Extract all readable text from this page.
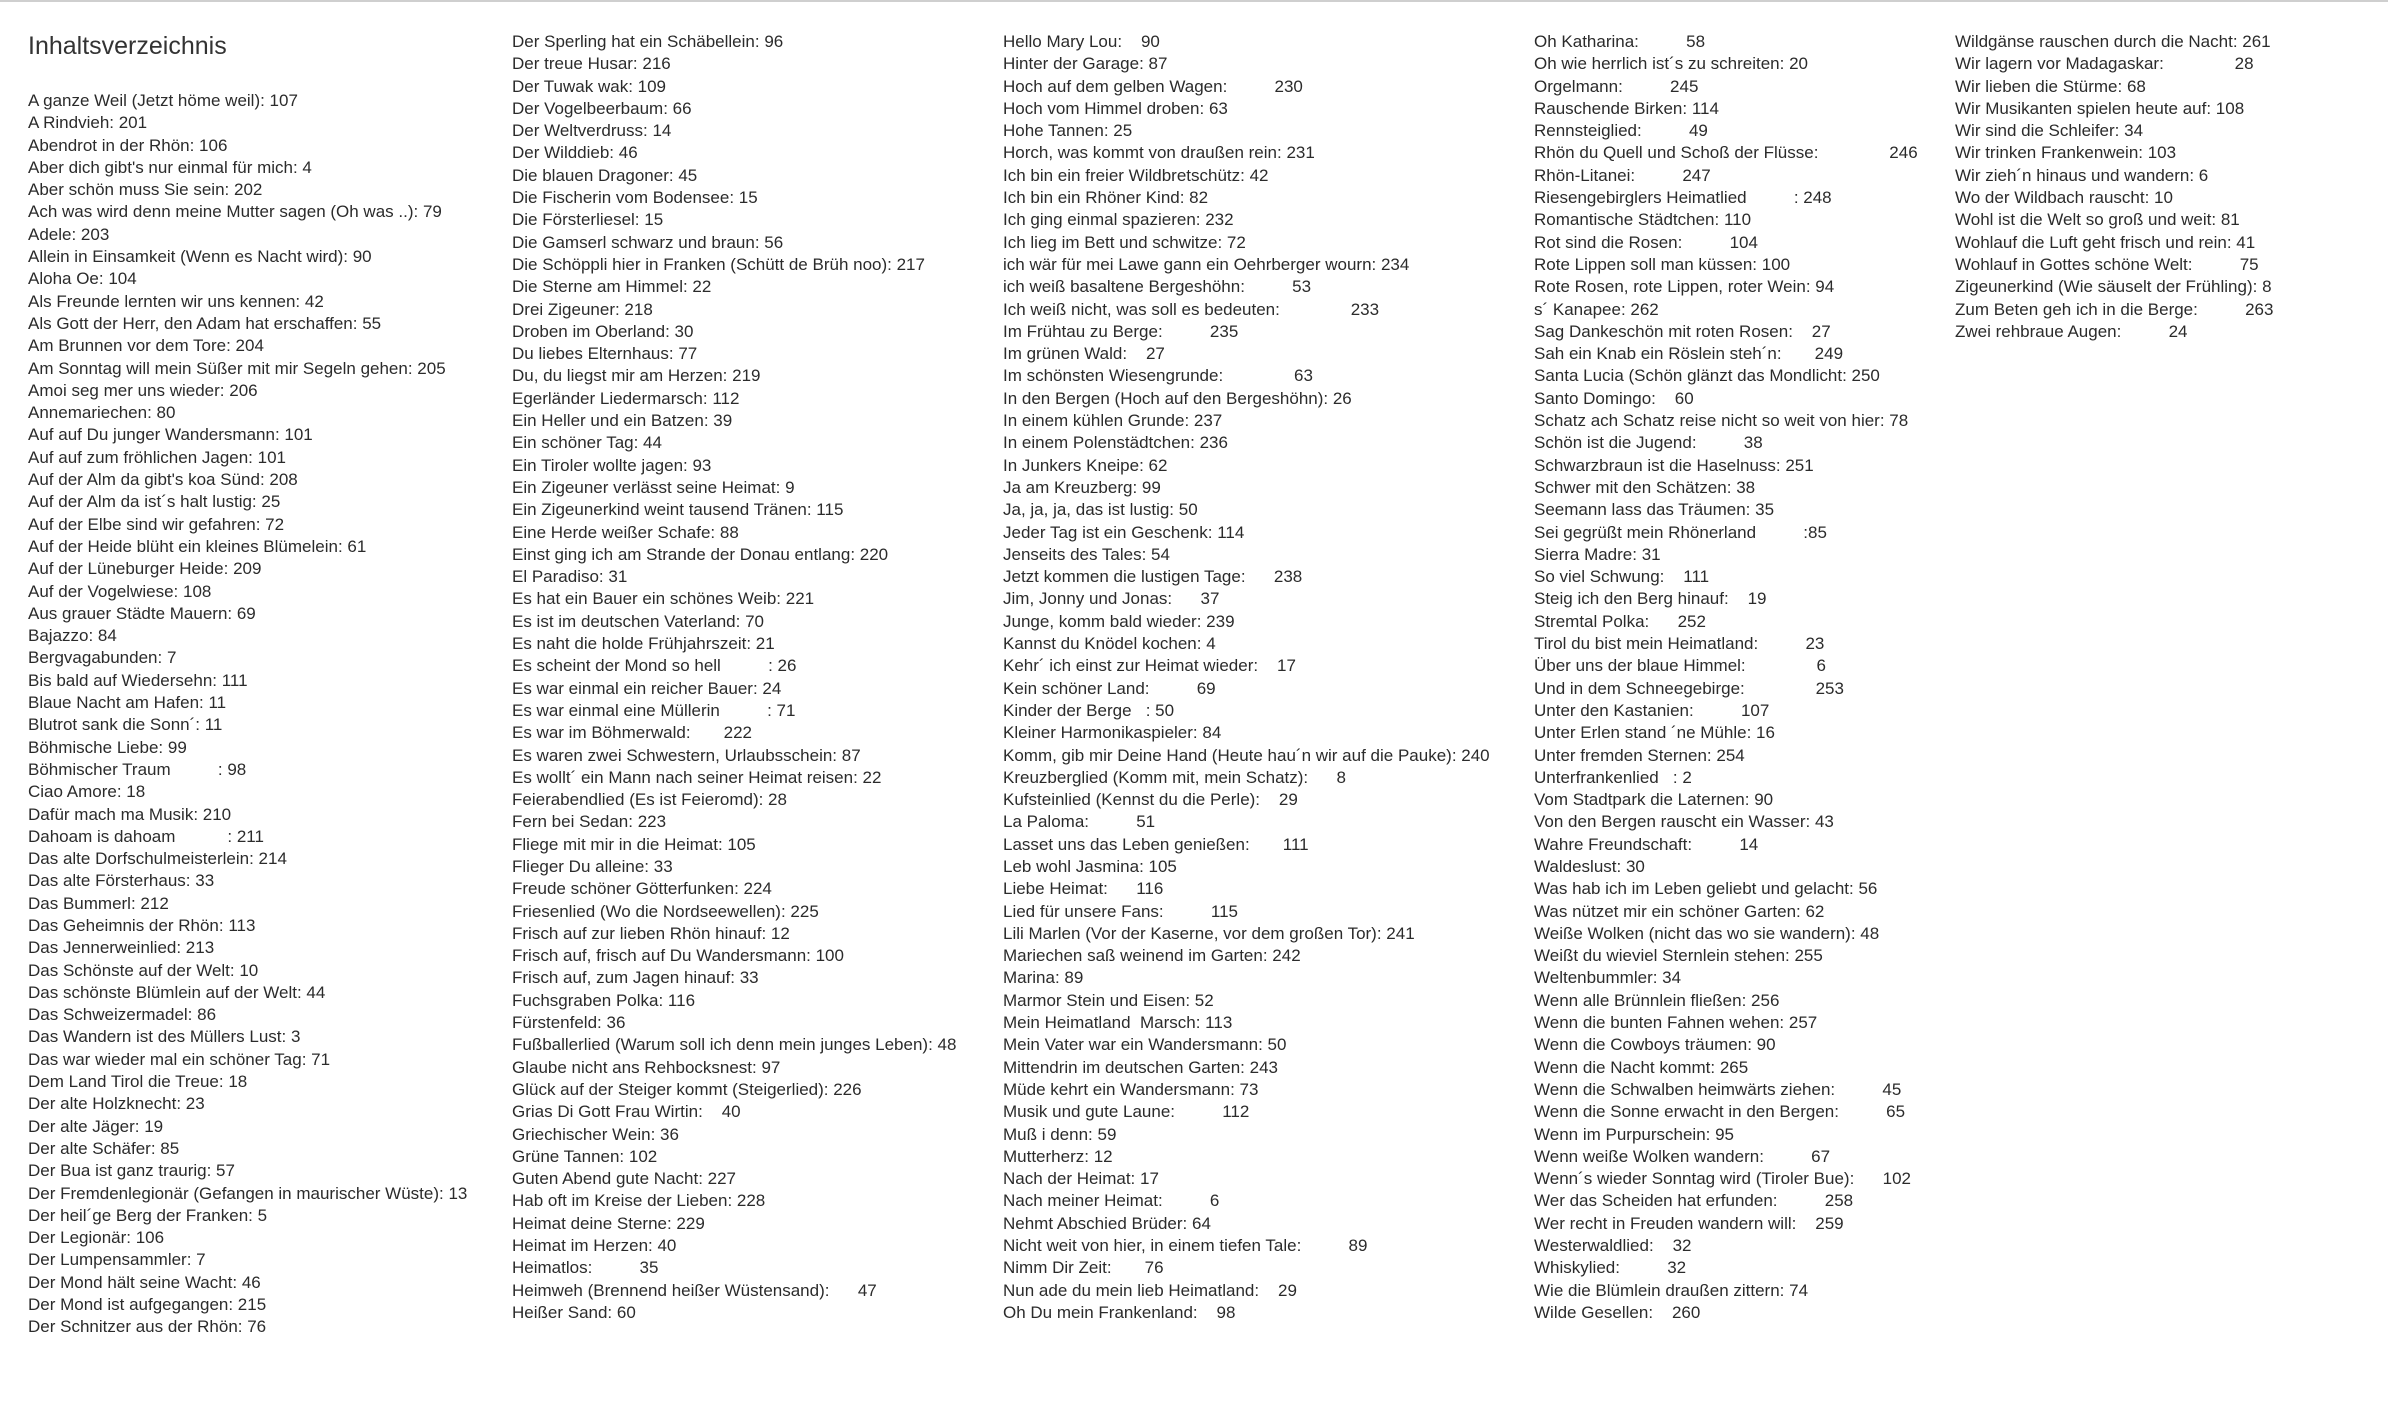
Inhaltsverzeichnis
A ganze Weil (Jetzt höme weil): 107
A Rindvieh: 201
Abendrot in der Rhön: 106
Aber dich gibt's nur einmal für mich: 4
Aber schön muss Sie sein: 202
Ach was wird denn meine Mutter sagen (Oh was ..): 79
Adele: 203
Allein in Einsamkeit (Wenn es Nacht wird): 90
Aloha Oe: 104
Als Freunde lernten wir uns kennen: 42
Als Gott der Herr, den Adam hat erschaffen: 55
Am Brunnen vor dem Tore: 204
Am Sonntag will mein Süßer mit mir Segeln gehen: 205
Amoi seg mer uns wieder: 206
Annemariechen: 80
Auf auf Du junger Wandersmann: 101
Auf auf zum fröhlichen Jagen: 101
Auf der Alm da gibt's koa Sünd: 208
Auf der Alm da ist´s halt lustig: 25
Auf der Elbe sind wir gefahren: 72
Auf der Heide blüht ein kleines Blümelein: 61
Auf der Lüneburger Heide: 209
Auf der Vogelwiese: 108
Aus grauer Städte Mauern: 69
Bajazzo: 84
Bergvagabunden: 7
Bis bald auf Wiedersehn: 111
Blaue Nacht am Hafen: 11
Blutrot sank die Sonn´: 11
Böhmische Liebe: 99
Böhmischer Traum          : 98
Ciao Amore: 18
Dafür mach ma Musik: 210
Dahoam is dahoam           : 211
Das alte Dorfschulmeisterlein: 214
Das alte Försterhaus: 33
Das Bummerl: 212
Das Geheimnis der Rhön: 113
Das Jennerweinlied: 213
Das Schönste auf der Welt: 10
Das schönste Blümlein auf der Welt: 44
Das Schweizermadel: 86
Das Wandern ist des Müllers Lust: 3
Das war wieder mal ein schöner Tag: 71
Dem Land Tirol die Treue: 18
Der alte Holzknecht: 23
Der alte Jäger: 19
Der alte Schäfer: 85
Der Bua ist ganz traurig: 57
Der Fremdenlegionär (Gefangen in maurischer Wüste): 13
Der heil´ge Berg der Franken: 5
Der Legionär: 106
Der Lumpensammler: 7
Der Mond hält seine Wacht: 46
Der Mond ist aufgegangen: 215
Der Schnitzer aus der Rhön: 76
Der Sperling hat ein Schäbellein: 96
Der treue Husar: 216
Der Tuwak wak: 109
Der Vogelbeerbaum: 66
Der Weltverdruss: 14
Der Wilddieb: 46
Die blauen Dragoner: 45
Die Fischerin vom Bodensee: 15
Die Försterliesel: 15
Die Gamserl schwarz und braun: 56
Die Schöppli hier in Franken (Schütt de Brüh noo): 217
Die Sterne am Himmel: 22
Drei Zigeuner: 218
Droben im Oberland: 30
Du liebes Elternhaus: 77
Du, du liegst mir am Herzen: 219
Egerländer Liedermarsch: 112
Ein Heller und ein Batzen: 39
Ein schöner Tag: 44
Ein Tiroler wollte jagen: 93
Ein Zigeuner verlässt seine Heimat: 9
Ein Zigeunerkind weint tausend Tränen: 115
Eine Herde weißer Schafe: 88
Einst ging ich am Strande der Donau entlang: 220
El Paradiso: 31
Es hat ein Bauer ein schönes Weib: 221
Es ist im deutschen Vaterland: 70
Es naht die holde Frühjahrszeit: 21
Es scheint der Mond so hell          : 26
Es war einmal ein reicher Bauer: 24
Es war einmal eine Müllerin          : 71
Es war im Böhmerwald:       222
Es waren zwei Schwestern, Urlaubsschein: 87
Es wollt´ ein Mann nach seiner Heimat reisen: 22
Feierabendlied (Es ist Feieromd): 28
Fern bei Sedan: 223
Fliege mit mir in die Heimat: 105
Flieger Du alleine: 33
Freude schöner Götterfunken: 224
Friesenlied (Wo die Nordseewellen): 225
Frisch auf zur lieben Rhön hinauf: 12
Frisch auf, frisch auf Du Wandersmann: 100
Frisch auf, zum Jagen hinauf: 33
Fuchsgraben Polka: 116
Fürstenfeld: 36
Fußballerlied (Warum soll ich denn mein junges Leben): 48
Glaube nicht ans Rehbocksnest: 97
Glück auf der Steiger kommt (Steigerlied): 226
Grias Di Gott Frau Wirtin:    40
Griechischer Wein: 36
Grüne Tannen: 102
Guten Abend gute Nacht: 227
Hab oft im Kreise der Lieben: 228
Heimat deine Sterne: 229
Heimat im Herzen: 40
Heimatlos:          35
Heimweh (Brennend heißer Wüstensand):      47
Heißer Sand: 60
Hello Mary Lou:    90
Hinter der Garage: 87
Hoch auf dem gelben Wagen:          230
Hoch vom Himmel droben: 63
Hohe Tannen: 25
Horch, was kommt von draußen rein: 231
Ich bin ein freier Wildbretschütz: 42
Ich bin ein Rhöner Kind: 82
Ich ging einmal spazieren: 232
Ich lieg im Bett und schwitze: 72
ich wär für mei Lawe gann ein Oehrberger wourn: 234
ich weiß basaltene Bergeshöhn:          53
Ich weiß nicht, was soll es bedeuten:               233
Im Frühtau zu Berge:          235
Im grünen Wald:    27
Im schönsten Wiesengrunde:               63
In den Bergen (Hoch auf den Bergeshöhn): 26
In einem kühlen Grunde: 237
In einem Polenstädtchen: 236
In Junkers Kneipe: 62
Ja am Kreuzberg: 99
Ja, ja, ja, das ist lustig: 50
Jeder Tag ist ein Geschenk: 114
Jenseits des Tales: 54
Jetzt kommen die lustigen Tage:      238
Jim, Jonny und Jonas:      37
Junge, komm bald wieder: 239
Kannst du Knödel kochen: 4
Kehr´ ich einst zur Heimat wieder:    17
Kein schöner Land:          69
Kinder der Berge   : 50
Kleiner Harmonikaspieler: 84
Komm, gib mir Deine Hand (Heute hau´n wir auf die Pauke): 240
Kreuzberglied (Komm mit, mein Schatz):      8
Kufsteinlied (Kennst du die Perle):    29
La Paloma:          51
Lasset uns das Leben genießen:       111
Leb wohl Jasmina: 105
Liebe Heimat:      116
Lied für unsere Fans:          115
Lili Marlen (Vor der Kaserne, vor dem großen Tor): 241
Mariechen saß weinend im Garten: 242
Marina: 89
Marmor Stein und Eisen: 52
Mein Heimatland  Marsch: 113
Mein Vater war ein Wandersmann: 50
Mittendrin im deutschen Garten: 243
Müde kehrt ein Wandersmann: 73
Musik und gute Laune:          112
Muß i denn: 59
Mutterherz: 12
Nach der Heimat: 17
Nach meiner Heimat:          6
Nehmt Abschied Brüder: 64
Nicht weit von hier, in einem tiefen Tale:          89
Nimm Dir Zeit:       76
Nun ade du mein lieb Heimatland:    29
Oh Du mein Frankenland:    98
Oh Katharina:          58
Oh wie herrlich ist´s zu schreiten: 20
Orgelmann:          245
Rauschende Birken: 114
Rennsteiglied:          49
Rhön du Quell und Schoß der Flüsse:               246
Rhön-Litanei:          247
Riesengebirglers Heimatlied          : 248
Romantische Städtchen: 110
Rot sind die Rosen:          104
Rote Lippen soll man küssen: 100
Rote Rosen, rote Lippen, roter Wein: 94
s´ Kanapee: 262
Sag Dankeschön mit roten Rosen:    27
Sah ein Knab ein Röslein steh´n:       249
Santa Lucia (Schön glänzt das Mondlicht: 250
Santo Domingo:    60
Schatz ach Schatz reise nicht so weit von hier: 78
Schön ist die Jugend:          38
Schwarzbraun ist die Haselnuss: 251
Schwer mit den Schätzen: 38
Seemann lass das Träumen: 35
Sei gegrüßt mein Rhönerland          :85
Sierra Madre: 31
So viel Schwung:    111
Steig ich den Berg hinauf:    19
Stremtal Polka:      252
Tirol du bist mein Heimatland:          23
Über uns der blaue Himmel:               6
Und in dem Schneegebirge:               253
Unter den Kastanien:          107
Unter Erlen stand ´ne Mühle: 16
Unter fremden Sternen: 254
Unterfrankenlied   : 2
Vom Stadtpark die Laternen: 90
Von den Bergen rauscht ein Wasser: 43
Wahre Freundschaft:          14
Waldeslust: 30
Was hab ich im Leben geliebt und gelacht: 56
Was nützet mir ein schöner Garten: 62
Weiße Wolken (nicht das wo sie wandern): 48
Weißt du wieviel Sternlein stehen: 255
Weltenbummler: 34
Wenn alle Brünnlein fließen: 256
Wenn die bunten Fahnen wehen: 257
Wenn die Cowboys träumen: 90
Wenn die Nacht kommt: 265
Wenn die Schwalben heimwärts ziehen:          45
Wenn die Sonne erwacht in den Bergen:          65
Wenn im Purpurschein: 95
Wenn weiße Wolken wandern:          67
Wenn´s wieder Sonntag wird (Tiroler Bue):      102
Wer das Scheiden hat erfunden:          258
Wer recht in Freuden wandern will:    259
Westerwaldlied:    32
Whiskylied:          32
Wie die Blümlein draußen zittern: 74
Wilde Gesellen:    260
Wildgänse rauschen durch die Nacht: 261
Wir lagern vor Madagaskar:               28
Wir lieben die Stürme: 68
Wir Musikanten spielen heute auf: 108
Wir sind die Schleifer: 34
Wir trinken Frankenwein: 103
Wir zieh´n hinaus und wandern: 6
Wo der Wildbach rauscht: 10
Wohl ist die Welt so groß und weit: 81
Wohlauf die Luft geht frisch und rein: 41
Wohlauf in Gottes schöne Welt:          75
Zigeunerkind (Wie säuselt der Frühling): 8
Zum Beten geh ich in die Berge:          263
Zwei rehbraue Augen:          24
